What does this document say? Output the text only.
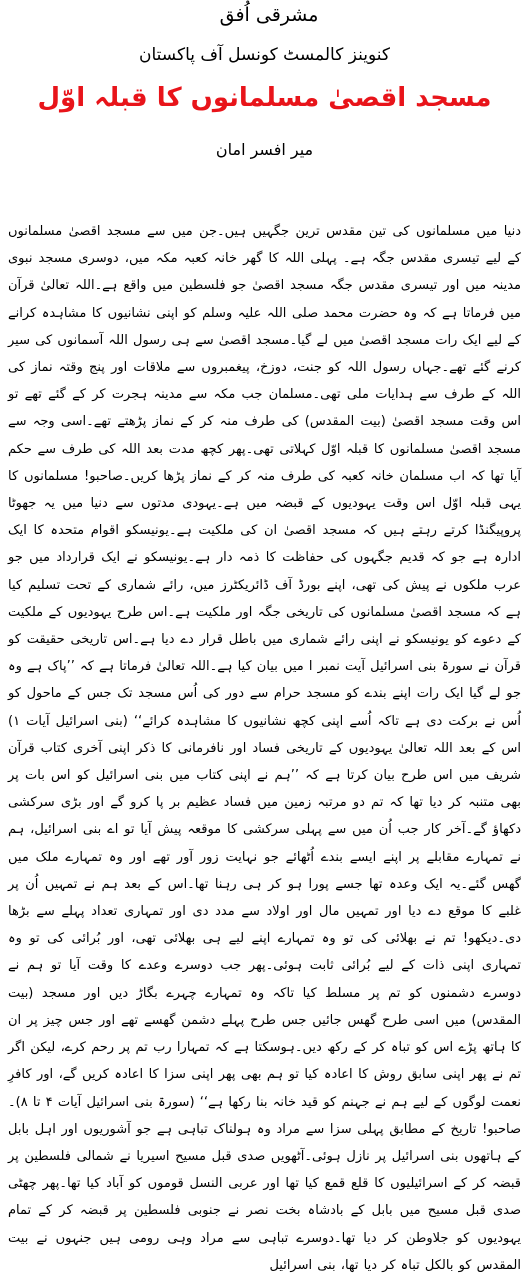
مشرقی اُفق
کنوینز کالمسٹ کونسل آف پاکستان
مسجد اقصیٰ مسلمانوں کا قبلہ اوّل
میر افسر امان

دنیا میں مسلمانوں کی تین مقدس ترین جگہیں ہیں۔جن میں سے مسجد اقصیٰ مسلمانوں کے لیے تیسری مقدس جگہ ہے۔ پہلی اللہ کا گھر خانہ کعبہ مکہ میں، دوسری مسجد نبوی مدینہ میں اور تیسری مقدس جگہ مسجد اقصیٰ جو فلسطین میں واقع ہے۔اللہ تعالیٰ قرآن میں فرماتا ہے کہ وہ حضرت محمد صلی اللہ علیہ وسلم کو اپنی نشانیوں کا مشاہدہ کرانے کے لیے ایک رات مسجد اقصیٰ میں لے گیا۔مسجد اقصیٰ سے ہی رسول اللہ آسمانوں کی سیر کرنے گئے تھے۔جہاں رسول اللہ کو جنت، دوزخ، پیغمبروں سے ملاقات اور پنج وقتہ نماز کی اللہ کے طرف سے ہدایات ملی تھی۔مسلمان جب مکہ سے مدینہ ہجرت کر کے گئے تھے تو اس وقت مسجد اقصیٰ (بیت المقدس) کی طرف منہ کر کے نماز پڑھتے تھے۔اسی وجہ سے مسجد اقصیٰ مسلمانوں کا قبلہ اوّل کہلاتی تھی۔پھر کچھ مدت بعد اللہ کی طرف سے حکم آیا تھا کہ اب مسلمان خانہ کعبہ کی طرف منہ کر کے نماز پڑھا کریں۔صاحبو! مسلمانوں کا یہی قبلہ اوّل اس وقت یہودیوں کے قبضہ میں ہے۔یہودی مدتوں سے دنیا میں یہ جھوٹا پروپیگنڈا کرتے رہتے ہیں کہ مسجد اقصیٰ ان کی ملکیت ہے۔یونیسکو اقوام متحدہ کا ایک ادارہ ہے جو کہ قدیم جگہوں کی حفاظت کا ذمہ دار ہے۔یونیسکو نے ایک قرارداد میں جو عرب ملکوں نے پیش کی تھی، اپنے بورڈ آف ڈائریکٹرز میں، رائے شماری کے تحت تسلیم کیا ہے کہ مسجد اقصیٰ مسلمانوں کی تاریخی جگہ اور ملکیت ہے۔اس طرح یہودیوں کے ملکیت کے دعوے کو یونیسکو نے اپنی رائے شماری میں باطل قرار دے دیا ہے۔اس تاریخی حقیقت کو قرآن نے سورۃ بنی اسرائیل آیت نمبر ا میں بیان کیا ہے۔اللہ تعالیٰ فرماتا ہے کہ ’’پاک ہے وہ جو لے گیا ایک رات اپنے بندے کو مسجد حرام سے دور کی اُس مسجد تک جس کے ماحول کو اُس نے برکت دی ہے تاکہ اُسے اپنی کچھ نشانیوں کا مشاہدہ کرائے‘‘ (بنی اسرائیل آیات ۱) اس کے بعد اللہ تعالیٰ یہودیوں کے تاریخی فساد اور نافرمانی کا ذکر اپنی آخری کتاب قرآن شریف میں اس طرح بیان کرتا ہے کہ ’’ہم نے اپنی کتاب میں بنی اسرائیل کو اس بات پر بھی متنبہ کر دیا تھا کہ تم دو مرتبہ زمین میں فساد عظیم بر پا کرو گے اور بڑی سرکشی دکھاؤ گے۔آخر کار جب اُن میں سے پہلی سرکشی کا موقعہ پیش آیا تو اے بنی اسرائیل، ہم نے تمہارے مقابلے پر اپنے ایسے بندے اُٹھائے جو نہایت زور آور تھے اور وہ تمہارے ملک میں گھس گئے۔یہ ایک وعدہ تھا جسے پورا ہو کر ہی رہنا تھا۔اس کے بعد ہم نے تمہیں اُن پر غلبے کا موقع دے دیا اور تمہیں مال اور اولاد سے مدد دی اور تمہاری تعداد پہلے سے بڑھا دی۔دیکھو! تم نے بھلائی کی تو وہ تمہارے اپنے لیے ہی بھلائی تھی، اور بُرائی کی تو وہ تمہاری اپنی ذات کے لیے بُرائی ثابت ہوئی۔پھر جب دوسرے وعدے کا وقت آیا تو ہم نے دوسرے دشمنوں کو تم پر مسلط کیا تاکہ وہ تمہارے چہرے بگاڑ دیں اور مسجد (بیت المقدس) میں اسی طرح گھس جائیں جس طرح پہلے دشمن گھسے تھے اور جس چیز پر ان کا ہاتھ پڑے اس کو تباہ کر کے رکھ دیں۔ہوسکتا ہے کہ تمہارا رب تم پر رحم کرے، لیکن اگر تم نے پھر اپنی سابق روش کا اعادہ کیا تو ہم بھی پھر اپنی سزا کا اعادہ کریں گے، اور کافرِ نعمت لوگوں کے لیے ہم نے جہنم کو قید خانہ بنا رکھا ہے‘‘ (سورۃ بنی اسرائیل آیات ۴ تا ۸)۔ صاحبو! تاریخ کے مطابق پہلی سزا سے مراد وہ ہولناک تباہی ہے جو آشوریوں اور اہل بابل کے ہاتھوں بنی اسرائیل پر نازل ہوئی۔آٹھویں صدی قبل مسیح اسیریا نے شمالی فلسطین پر قبضہ کر کے اسرائیلیوں کا قلع قمع کیا تھا اور عربی النسل قوموں کو آباد کیا تھا۔پھر چھٹی صدی قبل مسیح میں بابل کے بادشاہ بخت نصر نے جنوبی فلسطین پر قبضہ کر کے تمام یہودیوں کو جلاوطن کر دیا تھا۔دوسرے تباہی سے مراد وہی رومی ہیں جنہوں نے بیت المقدس کو بالکل تباہ کر دیا تھا، بنی اسرائیل
